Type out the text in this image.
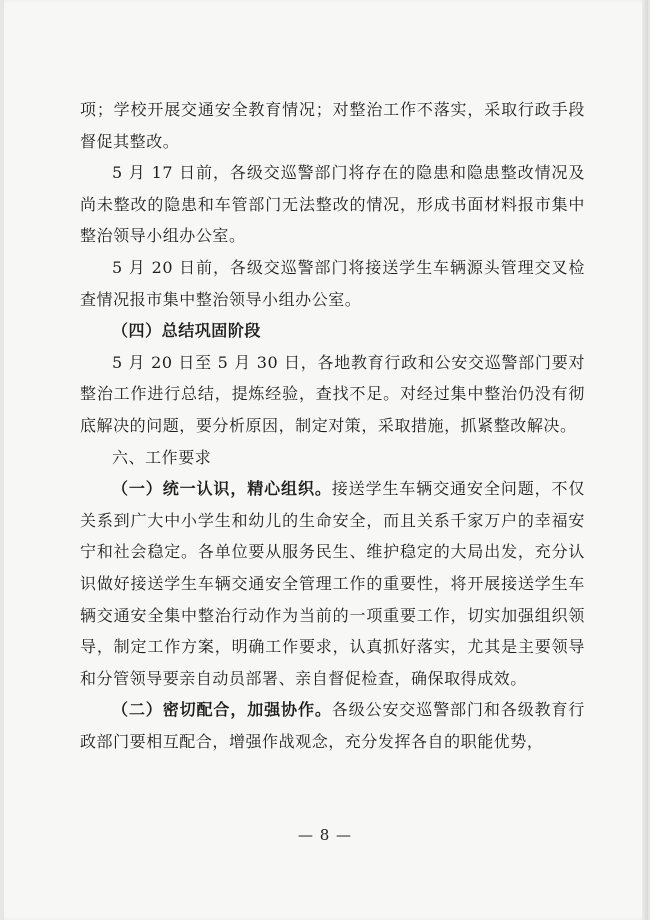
项；学校开展交通安全教育情况；对整治工作不落实，采取行政手段督促其整改。

5 月 17 日前，各级交巡警部门将存在的隐患和隐患整改情况及尚未整改的隐患和车管部门无法整改的情况，形成书面材料报市集中整治领导小组办公室。

5 月 20 日前，各级交巡警部门将接送学生车辆源头管理交叉检查情况报市集中整治领导小组办公室。

（四）总结巩固阶段

5 月 20 日至 5 月 30 日，各地教育行政和公安交巡警部门要对整治工作进行总结，提炼经验，查找不足。对经过集中整治仍没有彻底解决的问题，要分析原因，制定对策，采取措施，抓紧整改解决。

六、工作要求

（一）统一认识，精心组织。接送学生车辆交通安全问题，不仅关系到广大中小学生和幼儿的生命安全，而且关系千家万户的幸福安宁和社会稳定。各单位要从服务民生、维护稳定的大局出发，充分认识做好接送学生车辆交通安全管理工作的重要性，将开展接送学生车辆交通安全集中整治行动作为当前的一项重要工作，切实加强组织领导，制定工作方案，明确工作要求，认真抓好落实，尤其是主要领导和分管领导要亲自动员部署、亲自督促检查，确保取得成效。

（二）密切配合，加强协作。各级公安交巡警部门和各级教育行政部门要相互配合，增强作战观念，充分发挥各自的职能优势，

— 8 —
